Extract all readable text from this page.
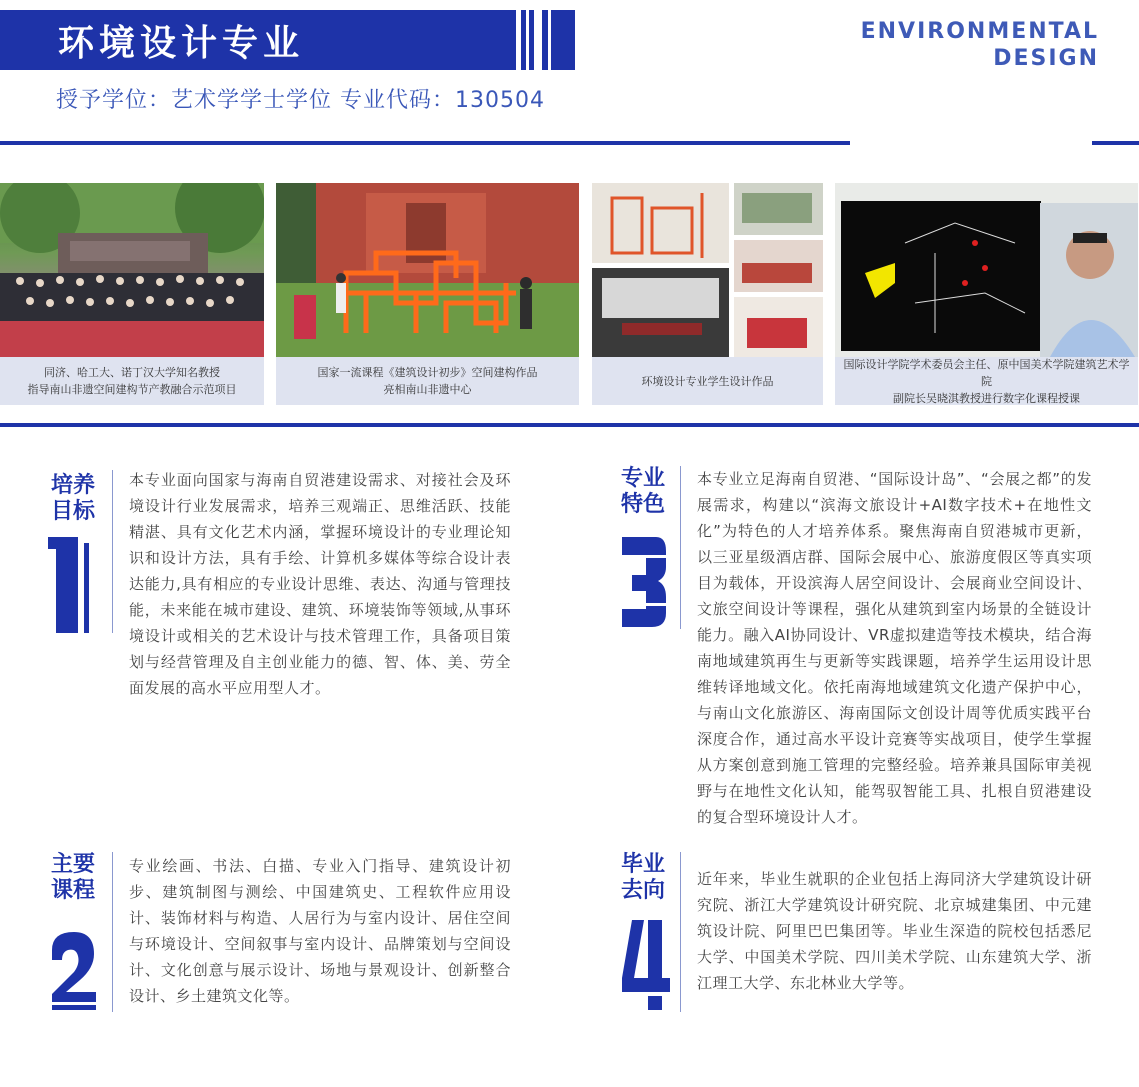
环境设计专业
授予学位：艺术学学士学位 专业代码：130504
ENVIRONMENTAL
DESIGN
同济、哈工大、诺丁汉大学知名教授
指导南山非遗空间建构节产教融合示范项目
国家一流课程《建筑设计初步》空间建构作品
亮相南山非遗中心
环境设计专业学生设计作品
国际设计学院学术委员会主任、原中国美术学院建筑艺术学院
副院长吴晓淇教授进行数字化课程授课
培养
目标
本专业面向国家与海南自贸港建设需求、对接社会及环境设计行业发展需求，培养三观端正、思维活跃、技能精湛、具有文化艺术内涵，掌握环境设计的专业理论知识和设计方法，具有手绘、计算机多媒体等综合设计表达能力,具有相应的专业设计思维、表达、沟通与管理技能，未来能在城市建设、建筑、环境装饰等领域,从事环境设计或相关的艺术设计与技术管理工作，具备项目策划与经营管理及自主创业能力的德、智、体、美、劳全面发展的高水平应用型人才。
主要
课程
专业绘画、书法、白描、专业入门指导、建筑设计初步、建筑制图与测绘、中国建筑史、工程软件应用设计、装饰材料与构造、人居行为与室内设计、居住空间与环境设计、空间叙事与室内设计、品牌策划与空间设计、文化创意与展示设计、场地与景观设计、创新整合设计、乡土建筑文化等。
专业
特色
本专业立足海南自贸港、“国际设计岛”、“会展之都”的发展需求，构建以“滨海文旅设计+AI数字技术+在地性文化”为特色的人才培养体系。聚焦海南自贸港城市更新，以三亚星级酒店群、国际会展中心、旅游度假区等真实项目为载体，开设滨海人居空间设计、会展商业空间设计、文旅空间设计等课程，强化从建筑到室内场景的全链设计能力。融入AI协同设计、VR虚拟建造等技术模块，结合海南地域建筑再生与更新等实践课题，培养学生运用设计思维转译地域文化。依托南海地域建筑文化遗产保护中心，与南山文化旅游区、海南国际文创设计周等优质实践平台深度合作，通过高水平设计竞赛等实战项目，使学生掌握从方案创意到施工管理的完整经验。培养兼具国际审美视野与在地性文化认知，能驾驭智能工具、扎根自贸港建设的复合型环境设计人才。
毕业
去向 近年来，毕业生就职的企业包括上海同济大学建筑设计研究院、浙江大学建筑设计研究院、北京城建集团、中元建筑设计院、阿里巴巴集团等。毕业生深造的院校包括悉尼大学、中国美术学院、四川美术学院、山东建筑大学、浙江理工大学、东北林业大学等。
